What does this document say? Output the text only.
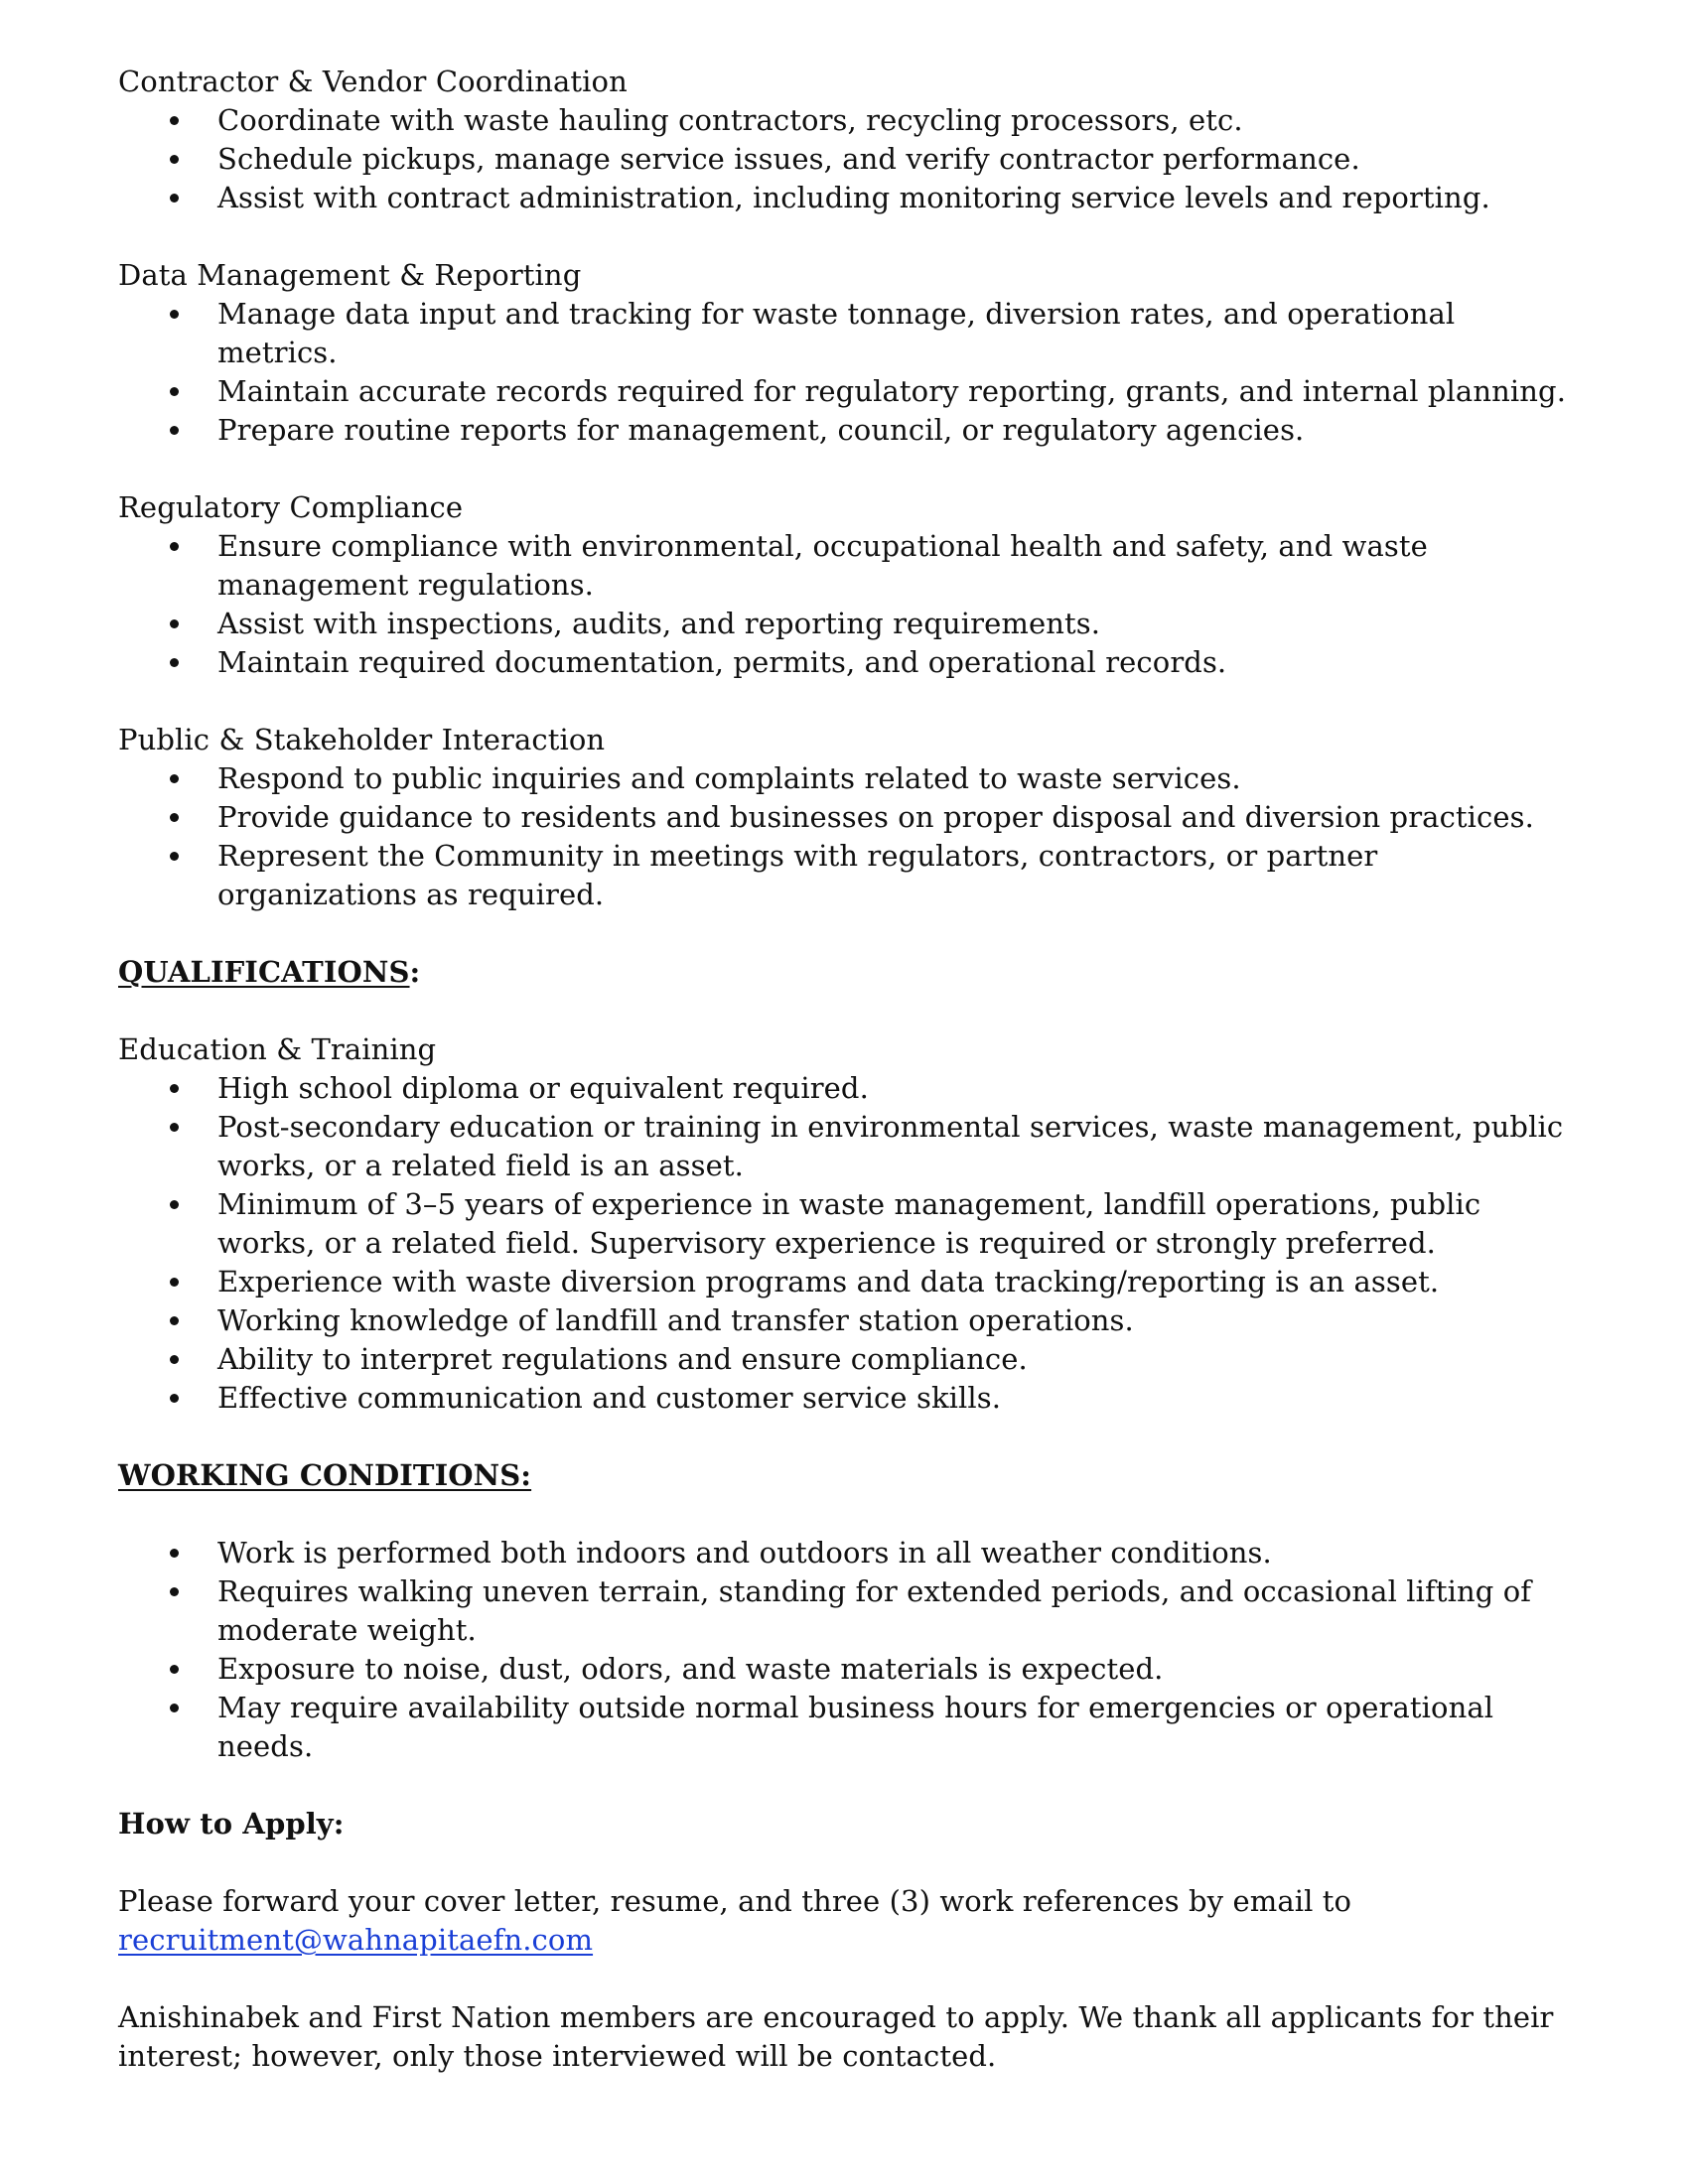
Contractor & Vendor Coordination

Coordinate with waste hauling contractors, recycling processors, etc.
Schedule pickups, manage service issues, and verify contractor performance.
Assist with contract administration, including monitoring service levels and reporting.

Data Management & Reporting

Manage data input and tracking for waste tonnage, diversion rates, and operational metrics.
Maintain accurate records required for regulatory reporting, grants, and internal planning.
Prepare routine reports for management, council, or regulatory agencies.

Regulatory Compliance

Ensure compliance with environmental, occupational health and safety, and waste management regulations.
Assist with inspections, audits, and reporting requirements.
Maintain required documentation, permits, and operational records.

Public & Stakeholder Interaction

Respond to public inquiries and complaints related to waste services.
Provide guidance to residents and businesses on proper disposal and diversion practices.
Represent the Community in meetings with regulators, contractors, or partner organizations as required.

QUALIFICATIONS:

Education & Training

High school diploma or equivalent required.
Post-secondary education or training in environmental services, waste management, public works, or a related field is an asset.
Minimum of 3–5 years of experience in waste management, landfill operations, public works, or a related field. Supervisory experience is required or strongly preferred.
Experience with waste diversion programs and data tracking/reporting is an asset.
Working knowledge of landfill and transfer station operations.
Ability to interpret regulations and ensure compliance.
Effective communication and customer service skills.

WORKING CONDITIONS:

Work is performed both indoors and outdoors in all weather conditions.
Requires walking uneven terrain, standing for extended periods, and occasional lifting of moderate weight.
Exposure to noise, dust, odors, and waste materials is expected.
May require availability outside normal business hours for emergencies or operational needs.

How to Apply:

Please forward your cover letter, resume, and three (3) work references by email to
recruitment@wahnapitaefn.com

Anishinabek and First Nation members are encouraged to apply. We thank all applicants for their interest; however, only those interviewed will be contacted.
